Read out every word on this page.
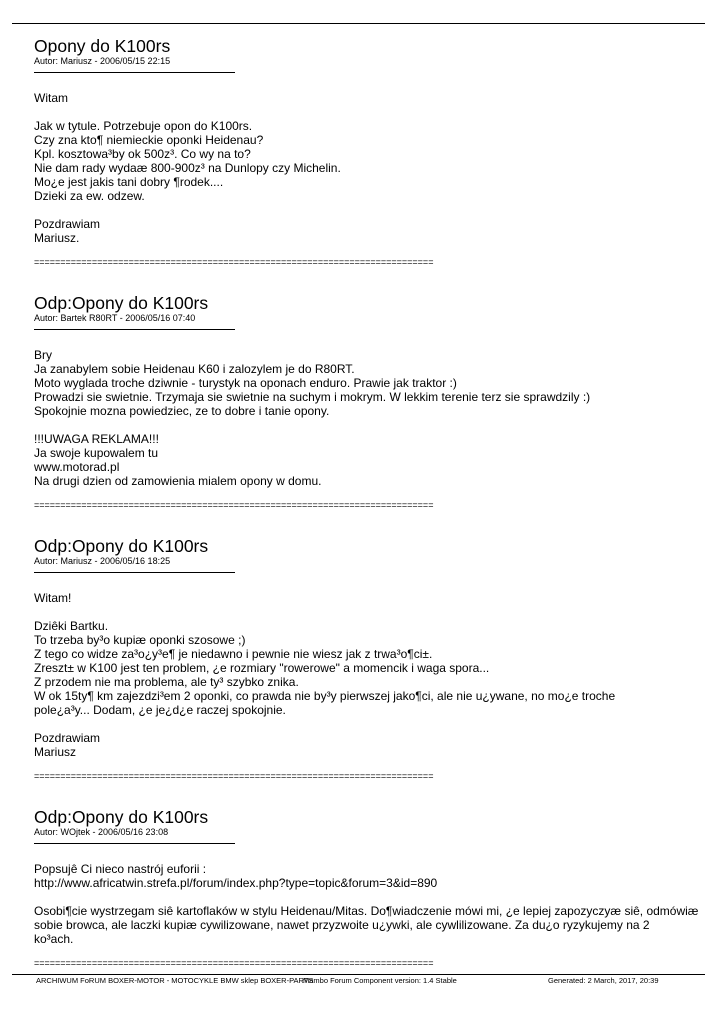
Opony do K100rs
Autor: Mariusz - 2006/05/15 22:15
Witam

Jak w tytule. Potrzebuje opon do K100rs.
Czy zna kto¶ niemieckie oponki Heidenau?
Kpl. kosztowa³by ok 500z³. Co wy na to?
Nie dam rady wydaæ 800-900z³ na Dunlopy czy Michelin.
Mo¿e jest jakis tani dobry ¶rodek....
Dzieki za ew. odzew.

Pozdrawiam
Mariusz.
============================================================================
Odp:Opony do K100rs
Autor: Bartek R80RT - 2006/05/16 07:40
Bry
Ja zanabylem sobie Heidenau K60 i zalozylem je do R80RT.
Moto wyglada troche dziwnie - turystyk na oponach enduro. Prawie jak traktor :)
Prowadzi sie swietnie. Trzymaja sie swietnie na suchym i mokrym. W lekkim terenie terz sie sprawdzily :)
Spokojnie mozna powiedziec, ze to dobre i tanie opony.

!!!UWAGA REKLAMA!!!
Ja swoje kupowalem tu
www.motorad.pl
Na drugi dzien od zamowienia mialem opony w domu.
============================================================================
Odp:Opony do K100rs
Autor: Mariusz - 2006/05/16 18:25
Witam!

Dziêki Bartku.
To trzeba by³o kupiæ oponki szosowe ;)
Z tego co widze za³o¿y³e¶ je niedawno i pewnie nie wiesz jak z trwa³o¶ci±.
Zreszt± w K100 jest ten problem, ¿e rozmiary "rowerowe" a momencik i waga spora...
Z przodem nie ma problema, ale ty³ szybko znika.
W ok 15ty¶ km zajezdzi³em 2 oponki, co prawda nie by³y pierwszej jako¶ci, ale nie u¿ywane, no mo¿e troche
pole¿a³y... Dodam, ¿e je¿d¿e raczej spokojnie.

Pozdrawiam
Mariusz
============================================================================
Odp:Opony do K100rs
Autor: WOjtek - 2006/05/16 23:08
Popsujê Ci nieco nastrój euforii :
http://www.africatwin.strefa.pl/forum/index.php?type=topic&forum=3&id=890

Osobi¶cie wystrzegam siê kartoflaków w stylu Heidenau/Mitas. Do¶wiadczenie mówi mi, ¿e lepiej zapozyczyæ siê, odmówiæ
sobie browca, ale laczki kupiæ cywilizowane, nawet przyzwoite u¿ywki, ale cywlilizowane. Za du¿o ryzykujemy na 2
ko³ach.
============================================================================
ARCHIWUM FoRUM BOXER-MOTOR - MOTOCYKLE BMW sklep BOXER-PARTS
Mambo Forum Component version: 1.4 Stable	Generated: 2 March, 2017, 20:39
